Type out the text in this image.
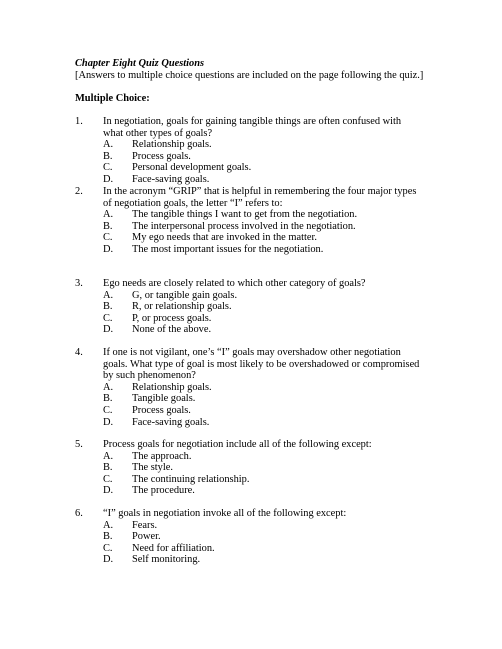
Chapter Eight Quiz Questions
[Answers to multiple choice questions are included on the page following the quiz.]
Multiple Choice:
1. In negotiation, goals for gaining tangible things are often confused with what other types of goals?
A. Relationship goals.
B. Process goals.
C. Personal development goals.
D. Face-saving goals.
2. In the acronym “GRIP” that is helpful in remembering the four major types of negotiation goals, the letter “I” refers to:
A. The tangible things I want to get from the negotiation.
B. The interpersonal process involved in the negotiation.
C. My ego needs that are invoked in the matter.
D. The most important issues for the negotiation.
3. Ego needs are closely related to which other category of goals?
A. G, or tangible gain goals.
B. R, or relationship goals.
C. P, or process goals.
D. None of the above.
4. If one is not vigilant, one’s “I” goals may overshadow other negotiation goals. What type of goal is most likely to be overshadowed or compromised by such phenomenon?
A. Relationship goals.
B. Tangible goals.
C. Process goals.
D. Face-saving goals.
5. Process goals for negotiation include all of the following except:
A. The approach.
B. The style.
C. The continuing relationship.
D. The procedure.
6. “I” goals in negotiation invoke all of the following except:
A. Fears.
B. Power.
C. Need for affiliation.
D. Self monitoring.
